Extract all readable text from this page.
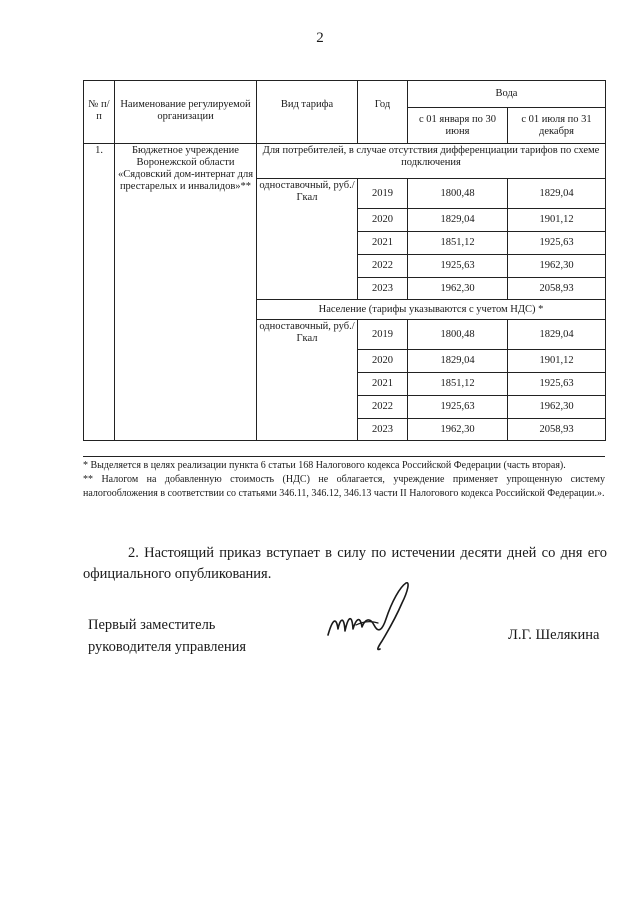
2
№ п/п	Наименование регулируемой организации	Вид тарифа	Год	Вода	
				с 01 января по 30 июня	с 01 июля по 31 декабря
1.	Бюджетное учреждение Воронежской области «Сядовский дом-интернат для престарелых и инвалидов»**	Для потребителей, в случае отсутствия дифференциации тарифов по схеме подключения			
		одноставочный, руб./Гкал	2019	1800,48	1829,04
			2020	1829,04	1901,12
			2021	1851,12	1925,63
			2022	1925,63	1962,30
			2023	1962,30	2058,93
		Население (тарифы указываются с учетом НДС) *			
		одноставочный, руб./Гкал	2019	1800,48	1829,04
			2020	1829,04	1901,12
			2021	1851,12	1925,63
			2022	1925,63	1962,30
			2023	1962,30	2058,93

* Выделяется в целях реализации пункта 6 статьи 168 Налогового кодекса Российской Федерации (часть вторая).

** Налогом на добавленную стоимость (НДС) не облагается, учреждение применяет упрощенную систему налогообложения в соответствии со статьями 346.11, 346.12, 346.13 части II Налогового кодекса Российской Федерации.».

2. Настоящий приказ вступает в силу по истечении десяти дней со дня его официального опубликования.
Первый заместитель
руководителя управления
Л.Г. Шелякина
